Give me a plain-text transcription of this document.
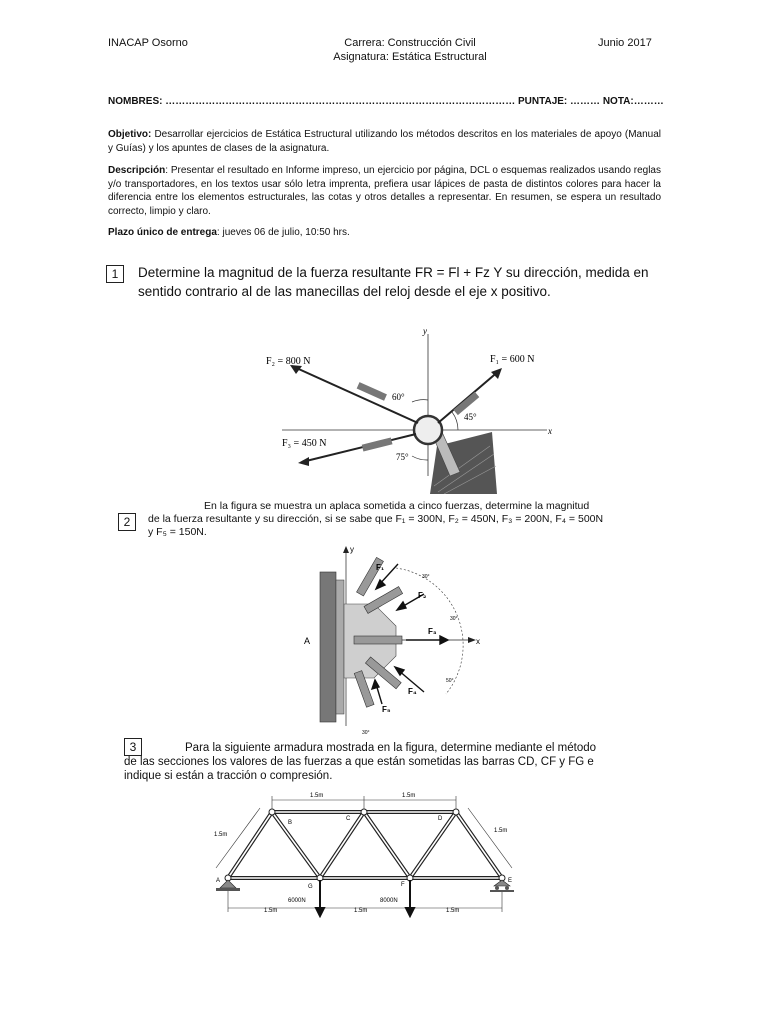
INACAP Osorno	Carrera: Construcción Civil
Asignatura: Estática Estructural
Junio 2017
NOMBRES: …………………………………………………………………………………………… PUNTAJE: ……… NOTA:………
Objetivo: Desarrollar ejercicios de Estática Estructural utilizando los métodos descritos en los materiales de apoyo (Manual y Guías) y los apuntes de clases de la asignatura.
Descripción: Presentar el resultado en Informe impreso, un ejercicio por página, DCL o esquemas realizados usando reglas y/o transportadores, en los textos usar sólo letra imprenta, prefiera usar lápices de pasta de distintos colores para hacer la diferencia entre los elementos estructurales, las cotas y otros detalles a representar. En resumen, se espera un resultado correcto, limpio y claro.
Plazo único de entrega: jueves 06 de julio, 10:50 hrs.
1	Determine la magnitud de la fuerza resultante FR = Fl + Fz Y su dirección, medida en sentido contrario al de las manecillas del reloj desde el eje x positivo.
x
y
F₂ = 800 N	F₁ = 600 N
F₃ = 450 N
60°
45°
75°
2
En la figura se muestra un aplaca sometida a cinco fuerzas, determine la magnitud
de la fuerza resultante y su dirección, si se sabe que F₁ = 300N, F₂ = 450N, F₃ = 200N, F₄ = 500N
y F₅ = 150N.
y
x
A
F₁
F₂
F₃
F₄
F₅
30°
30°
50°
30°
3	Para la siguiente armadura mostrada en la figura, determine mediante el método
de las secciones los valores de las fuerzas a que están sometidas las barras CD, CF y FG e
indique si están a tracción o compresión.
1.5m	1.5m
1.5m
1.5m
1.5m	1.5m	1.5m
A
B
C	D
E
F
G
6000N	8000N
